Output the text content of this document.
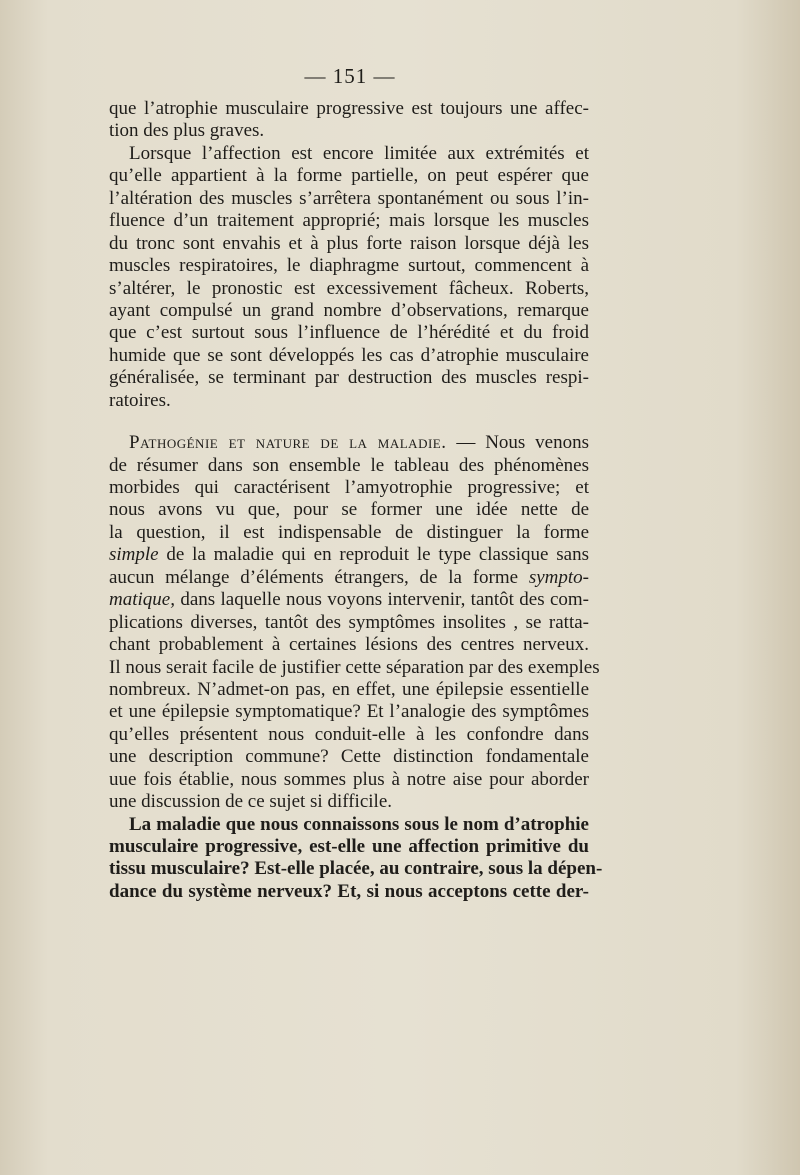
— 151 —
que l’atrophie musculaire progressive est toujours une affec-
tion des plus graves.
Lorsque l’affection est encore limitée aux extrémités et
qu’elle appartient à la forme partielle, on peut espérer que
l’altération des muscles s’arrêtera spontanément ou sous l’in-
fluence d’un traitement approprié; mais lorsque les muscles
du tronc sont envahis et à plus forte raison lorsque déjà les
muscles respiratoires, le diaphragme surtout, commencent à
s’altérer, le pronostic est excessivement fâcheux. Roberts,
ayant compulsé un grand nombre d’observations, remarque
que c’est surtout sous l’influence de l’hérédité et du froid
humide que se sont développés les cas d’atrophie musculaire
généralisée, se terminant par destruction des muscles respi-
ratoires.
Pathogénie et nature de la maladie. — Nous venons
de résumer dans son ensemble le tableau des phénomènes
morbides qui caractérisent l’amyotrophie progressive; et
nous avons vu que, pour se former une idée nette de
la question, il est indispensable de distinguer la forme
simple de la maladie qui en reproduit le type classique sans
aucun mélange d’éléments étrangers, de la forme sympto-
matique, dans laquelle nous voyons intervenir, tantôt des com-
plications diverses, tantôt des symptômes insolites , se ratta-
chant probablement à certaines lésions des centres nerveux.
Il nous serait facile de justifier cette séparation par des exemples
nombreux. N’admet-on pas, en effet, une épilepsie essentielle
et une épilepsie symptomatique? Et l’analogie des symptômes
qu’elles présentent nous conduit-elle à les confondre dans
une description commune? Cette distinction fondamentale
uue fois établie, nous sommes plus à notre aise pour aborder
une discussion de ce sujet si difficile.
La maladie que nous connaissons sous le nom d’atrophie
musculaire progressive, est-elle une affection primitive du
tissu musculaire? Est-elle placée, au contraire, sous la dépen-
dance du système nerveux? Et, si nous acceptons cette der-
